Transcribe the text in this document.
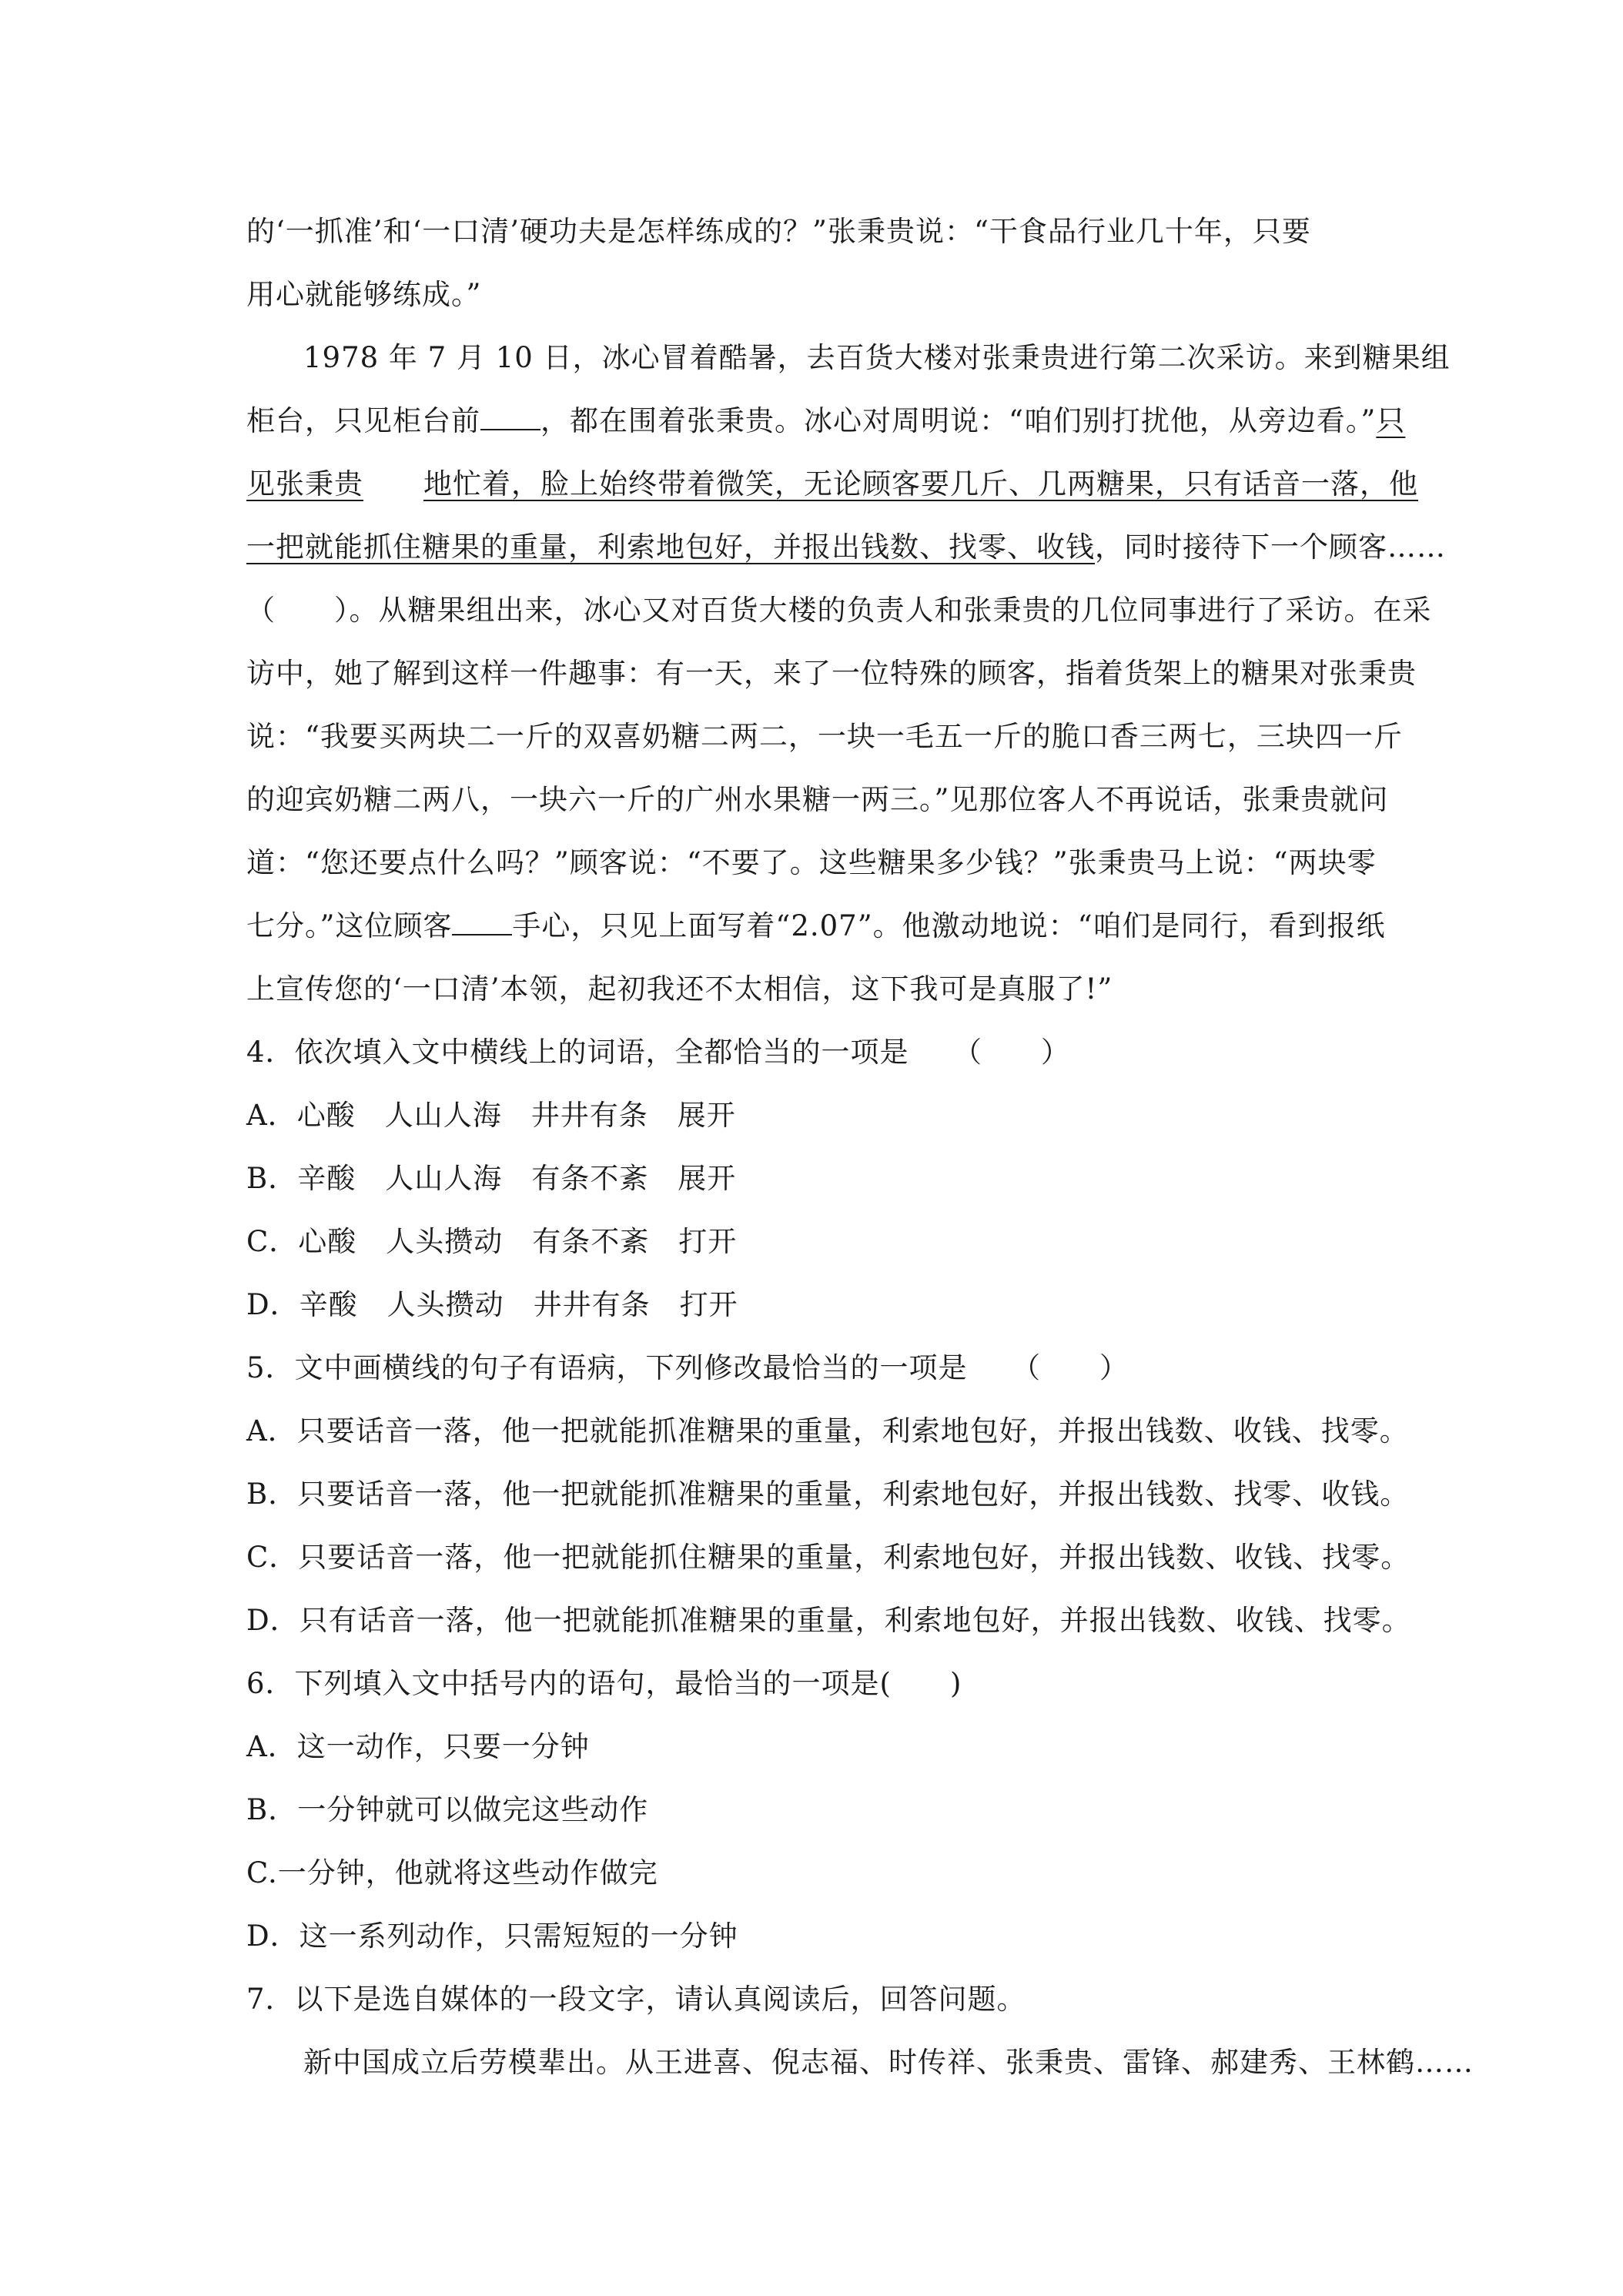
的‘一抓准’和‘一口清’硬功夫是怎样练成的？”张秉贵说：“干食品行业几十年，只要
用心就能够练成。”
1978 年 7 月 10 日，冰心冒着酷暑，去百货大楼对张秉贵进行第二次采访。来到糖果组
柜台，只见柜台前 ，都在围着张秉贵。冰心对周明说：“咱们别打扰他，从旁边看。”只
见张秉贵 地忙着，脸上始终带着微笑，无论顾客要几斤、几两糖果，只有话音一落，他
一把就能抓住糖果的重量，利索地包好，并报出钱数、找零、收钱，同时接待下一个顾客……
（　　）。从糖果组出来，冰心又对百货大楼的负责人和张秉贵的几位同事进行了采访。在采
访中，她了解到这样一件趣事：有一天，来了一位特殊的顾客，指着货架上的糖果对张秉贵
说：“我要买两块二一斤的双喜奶糖二两二，一块一毛五一斤的脆口香三两七，三块四一斤
的迎宾奶糖二两八，一块六一斤的广州水果糖一两三。”见那位客人不再说话，张秉贵就问
道：“您还要点什么吗？”顾客说：“不要了。这些糖果多少钱？”张秉贵马上说：“两块零
七分。”这位顾客 手心，只见上面写着“2.07”。他激动地说：“咱们是同行，看到报纸
上宣传您的‘一口清’本领，起初我还不太相信，这下我可是真服了!”
4．依次填入文中横线上的词语，全都恰当的一项是　　（　　）
A．心酸　人山人海　井井有条　展开
B．辛酸　人山人海　有条不紊　展开
C．心酸　人头攒动　有条不紊　打开
D．辛酸　人头攒动　井井有条　打开
5．文中画横线的句子有语病，下列修改最恰当的一项是　　（　　）
A．只要话音一落，他一把就能抓准糖果的重量，利索地包好，并报出钱数、收钱、找零。
B．只要话音一落，他一把就能抓准糖果的重量，利索地包好，并报出钱数、找零、收钱。
C．只要话音一落，他一把就能抓住糖果的重量，利索地包好，并报出钱数、收钱、找零。
D．只有话音一落，他一把就能抓准糖果的重量，利索地包好，并报出钱数、收钱、找零。
6．下列填入文中括号内的语句，最恰当的一项是(　　)
A．这一动作，只要一分钟
B．一分钟就可以做完这些动作
C.一分钟，他就将这些动作做完
D．这一系列动作，只需短短的一分钟
7．以下是选自媒体的一段文字，请认真阅读后，回答问题。
新中国成立后劳模辈出。从王进喜、倪志福、时传祥、张秉贵、雷锋、郝建秀、王林鹤……
